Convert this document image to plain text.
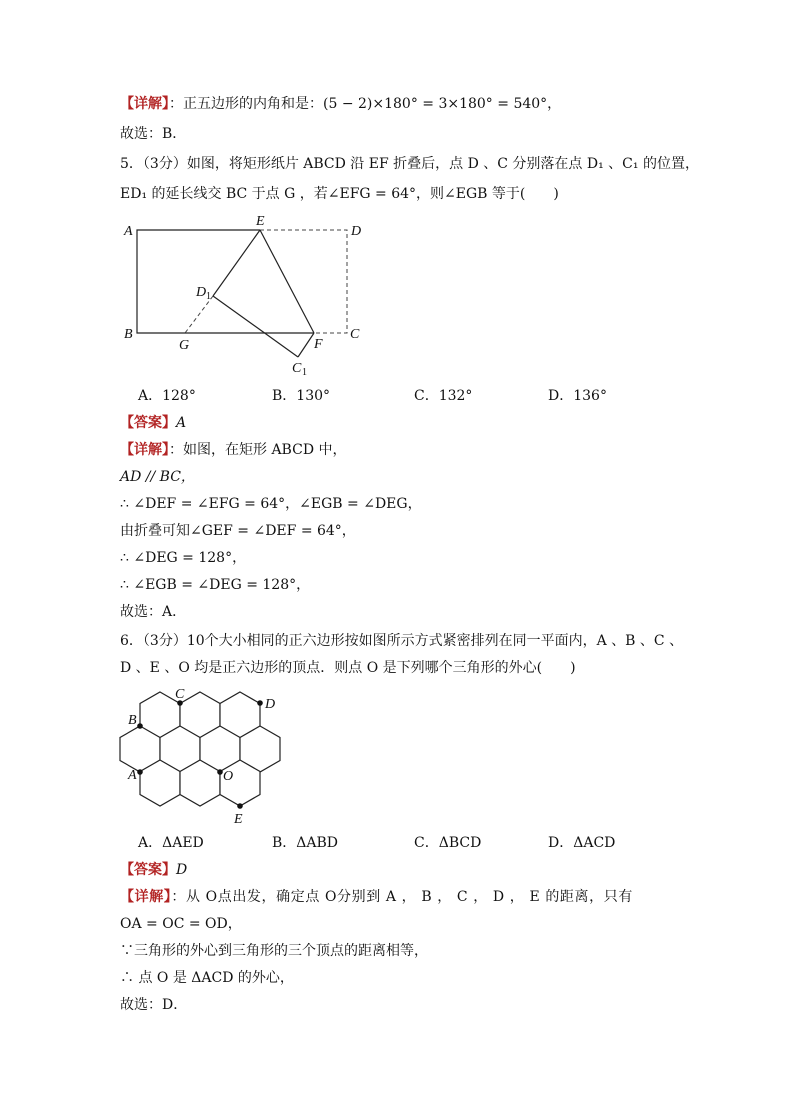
【详解】：正五边形的内角和是：(5 − 2)×180° = 3×180° = 540°，
故选：B．
5．（3分）如图，将矩形纸片 ABCD 沿 EF 折叠后，点 D 、C 分别落在点 D₁ 、C₁ 的位置，
ED₁ 的延长线交 BC 于点 G ，若∠EFG = 64°，则∠EGB 等于(　　)
A
E
D
B
G	F
C
D 1
C 1
A．128°	B．130°	C．132°	D．136°
【答案】A
【详解】：如图，在矩形 ABCD 中，
AD // BC，
∴ ∠DEF = ∠EFG = 64°，∠EGB = ∠DEG，
由折叠可知∠GEF = ∠DEF = 64°，
∴ ∠DEG = 128°，
∴ ∠EGB = ∠DEG = 128°，
故选：A．
6．（3分）10个大小相同的正六边形按如图所示方式紧密排列在同一平面内，A 、B 、C 、
D 、E 、O 均是正六边形的顶点．则点 O 是下列哪个三角形的外心(　　)
C
B
D
A	O
E
A．ΔAED	B．ΔABD	C．ΔBCD	D．ΔACD
【答案】D
【详解】：从 O点出发，确定点 O分别到 A ， B ， C ， D ， E 的距离，只有
OA = OC = OD，
∵三角形的外心到三角形的三个顶点的距离相等，
∴ 点 O 是 ΔACD 的外心，
故选：D．
